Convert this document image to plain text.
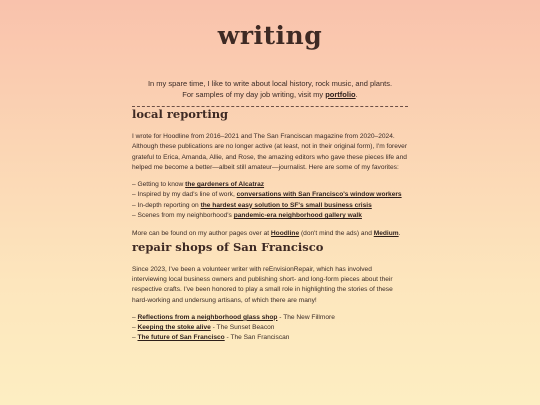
writing

In my spare time, I like to write about local history, rock music, and plants.

For samples of my day job writing, visit my portfolio.

local reporting

I wrote for Hoodline from 2016–2021 and The San Franciscan magazine from 2020–2024. Although these publications are no longer active (at least, not in their original form), I'm forever grateful to Erica, Amanda, Allie, and Rose, the amazing editors who gave these pieces life and helped me become a better—albeit still amateur—journalist. Here are some of my favorites:

– Getting to know the gardeners of Alcatraz
– Inspired by my dad's line of work, conversations with San Francisco's window workers
– In-depth reporting on the hardest easy solution to SF's small business crisis
– Scenes from my neighborhood's pandemic-era neighborhood gallery walk

More can be found on my author pages over at Hoodline (don't mind the ads) and Medium.

repair shops of San Francisco

Since 2023, I've been a volunteer writer with reEnvisionRepair, which has involved interviewing local business owners and publishing short- and long-form pieces about their respective crafts. I've been honored to play a small role in highlighting the stories of these hard-working and undersung artisans, of which there are many!

– Reflections from a neighborhood glass shop - The New Fillmore
– Keeping the stoke alive - The Sunset Beacon
– The future of San Francisco - The San Franciscan
